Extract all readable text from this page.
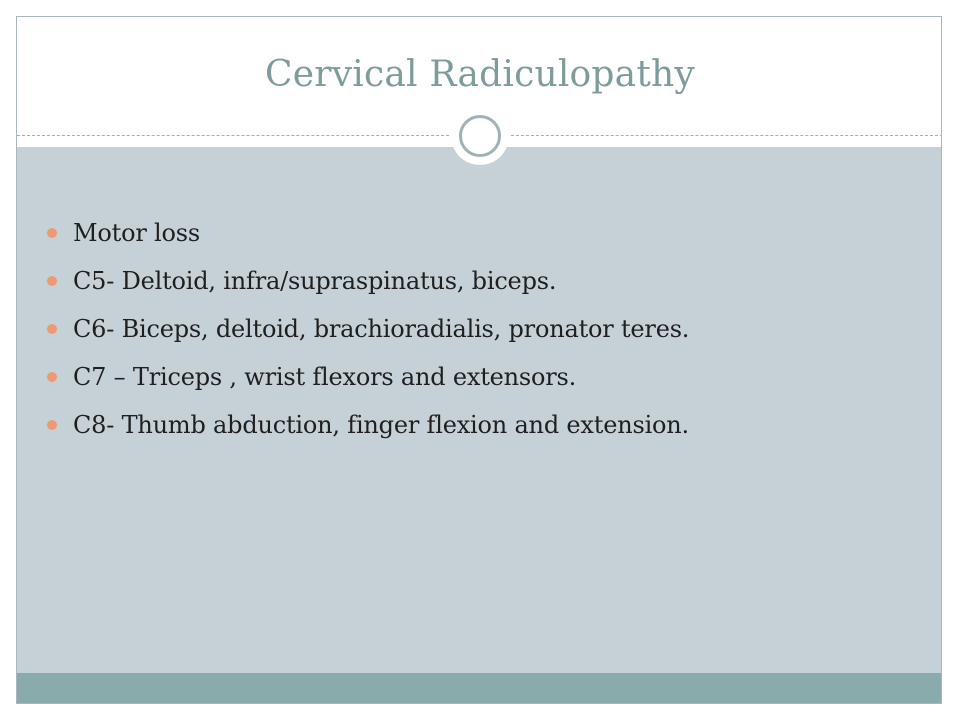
Cervical Radiculopathy
Motor loss
C5- Deltoid, infra/supraspinatus, biceps.
C6- Biceps, deltoid, brachioradialis, pronator teres.
C7 – Triceps , wrist flexors and extensors.
C8- Thumb abduction, finger flexion and extension.
